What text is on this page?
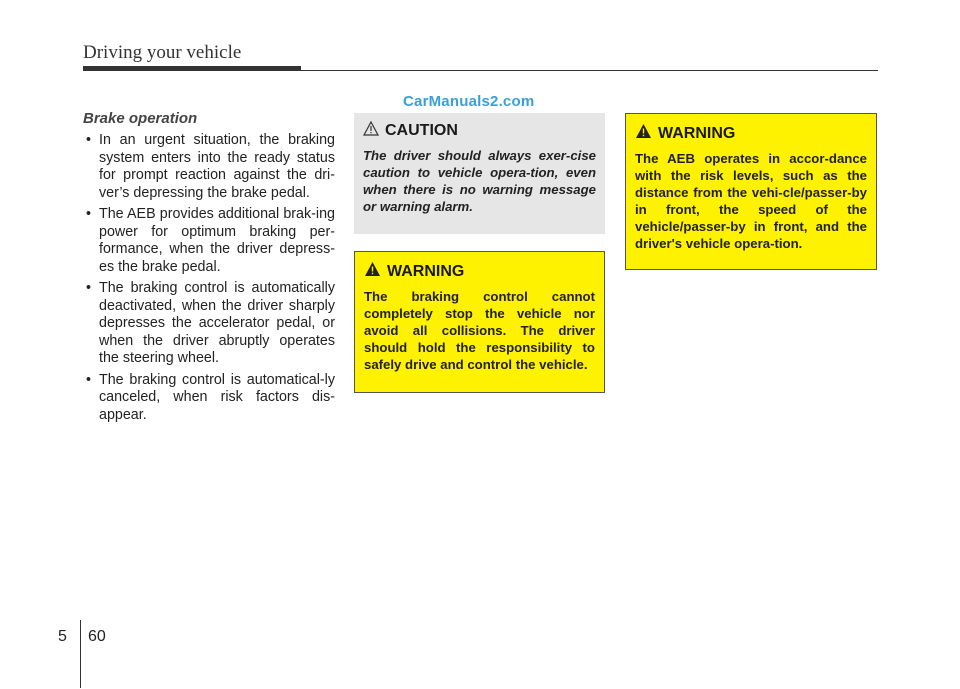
Driving your vehicle
CarManuals2.com
Brake operation
• In an urgent situation, the braking system enters into the ready status for prompt reaction against the dri-ver’s depressing the brake pedal.
• The AEB provides additional brak-ing power for optimum braking per-formance, when the driver depress-es the brake pedal.
• The braking control is automatically deactivated, when the driver sharply depresses the accelerator pedal, or when the driver abruptly operates the steering wheel.
• The braking control is automatical-ly canceled, when risk factors dis-appear.
CAUTION
The driver should always exer-cise caution to vehicle opera-tion, even when there is no warning message or warning alarm.
WARNING
The braking control cannot completely stop the vehicle nor avoid all collisions. The driver should hold the responsibility to safely drive and control the vehicle.
WARNING
The AEB operates in accor-dance with the risk levels, such as the distance from the vehi-cle/passer-by in front, the speed of the vehicle/passer-by in front, and the driver's vehicle opera-tion.
5 60
